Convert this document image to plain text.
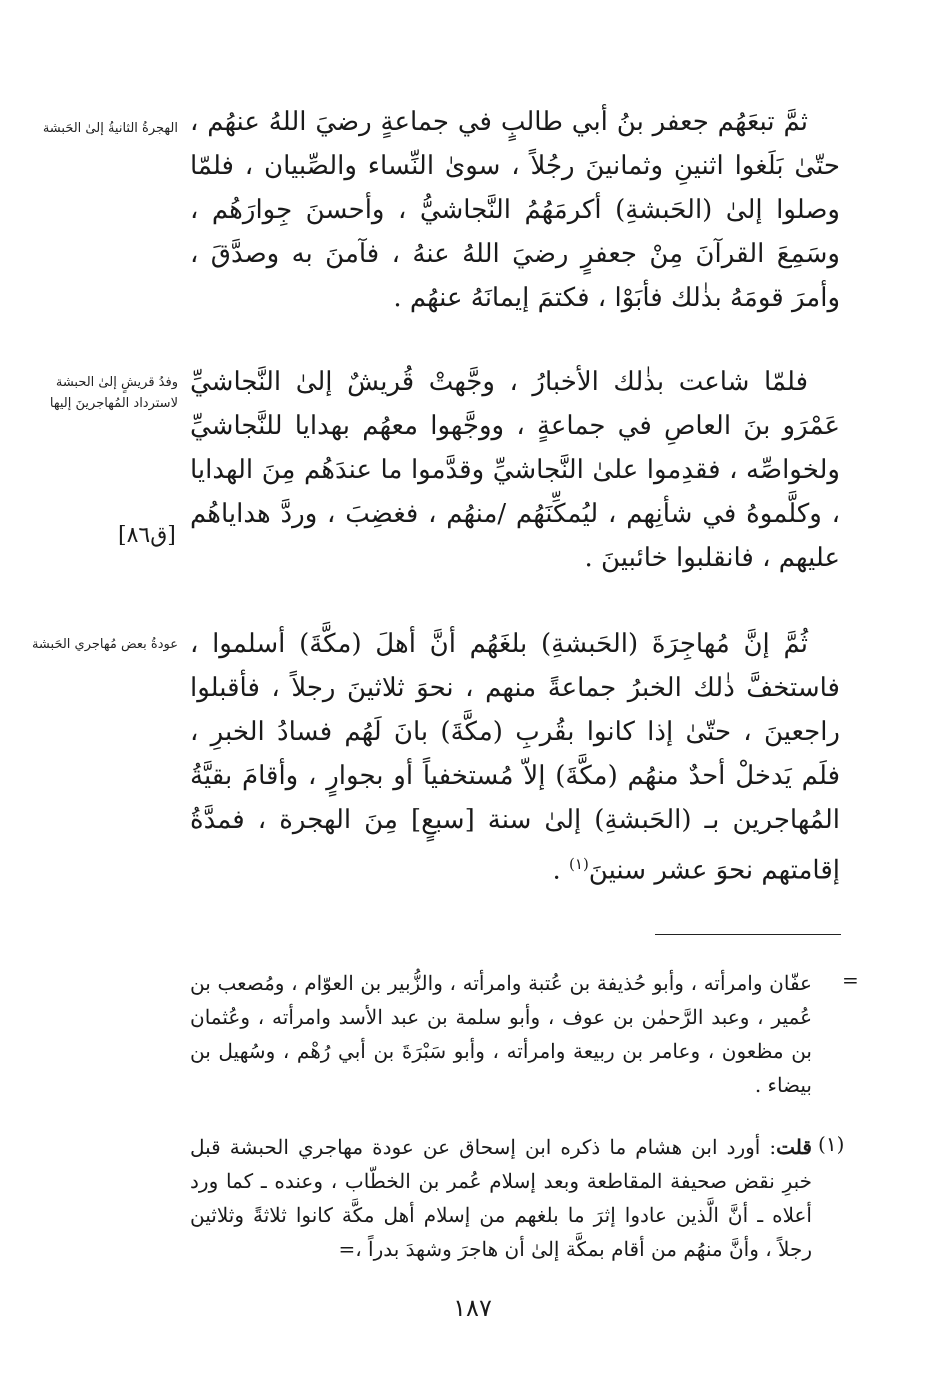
الهجرةُ الثانيةُ إلىٰ الحَبشة
وفدُ قريشٍ إلىٰ الحبشة لاسترداد المُهاجرينَ إليها
عودةُ بعض مُهاجري الحَبشة

ثمَّ تبعَهُم جعفر بنُ أبي طالبٍ في جماعةٍ رضيَ اللهُ عنهُم ، حتّىٰ بَلَغوا اثنينِ وثمانينَ رجُلاً ، سوىٰ النِّساء والصِّبيان ، فلمّا وصلوا إلىٰ (الحَبشةِ) أكرمَهُمُ النَّجاشيُّ ، وأحسنَ جِوارَهُم ، وسَمِعَ القرآنَ مِنْ جعفرٍ رضيَ اللهُ عنهُ ، فآمنَ به وصدَّقَ ، وأمرَ قومَهُ بذٰلك فأبَوْا ، فكتمَ إيمانَهُ عنهُم .

فلمّا شاعت بذٰلك الأخبارُ ، وجَّهتْ قُريشٌ إلىٰ النَّجاشيِّ عَمْرَو بنَ العاصِ في جماعةٍ ، ووجَّهوا معهُم بهدايا للنَّجاشيِّ ولخواصِّه ، فقدِموا علىٰ النَّجاشيِّ وقدَّموا ما عندَهُم مِنَ الهدايا ، وكلَّموهُ في شأنِهم ، ليُمكِّنَهُم /منهُم ، فغضِبَ ، وردَّ هداياهُم عليهم ، فانقلبوا خائبينَ .

[ق٨٦]

ثُمَّ إنَّ مُهاجِرَةَ (الحَبشةِ) بلغَهُم أنَّ أهلَ (مكَّةَ) أسلموا ، فاستخفَّ ذٰلك الخبرُ جماعةً منهم ، نحوَ ثلاثينَ رجلاً ، فأقبلوا راجعينَ ، حتّىٰ إذا كانوا بقُربِ (مكَّةَ) بانَ لَهُم فسادُ الخبرِ ، فلَم يَدخلْ أحدٌ منهُم (مكَّةَ) إلاّ مُستخفياً أو بجوارٍ ، وأقامَ بقيَّةُ المُهاجرين بـ (الحَبشةِ) إلىٰ سنة [سبعٍ] مِنَ الهجرة ، فمدَّةُ إقامتهم نحوَ عشر سنينَ$^{(١)}$ .

=
عفّان وامرأته ، وأبو حُذيفة بن عُتبة وامرأته ، والزُّبير بن العوّام ، ومُصعب بن عُمير ، وعبد الرَّحمٰن بن عوف ، وأبو سلمة بن عبد الأسد وامرأته ، وعُثمان بن مظعون ، وعامر بن ربيعة وامرأته ، وأبو سَبْرَةَ بن أبي رُهْم ، وسُهيل بن بيضاء .
(١)
قلت: أورد ابن هشام ما ذكره ابن إسحاق عن عودة مهاجري الحبشة قبل خبرِ نقض صحيفة المقاطعة وبعد إسلام عُمر بن الخطّاب ، وعنده ـ كما ورد أعلاه ـ أنَّ الَّذين عادوا إثرَ ما بلغهم من إسلام أهل مكَّة كانوا ثلاثةً وثلاثين رجلاً ، وأنَّ منهُم من أقام بمكَّة إلىٰ أن هاجرَ وشهدَ بدراً ،=
١٨٧
